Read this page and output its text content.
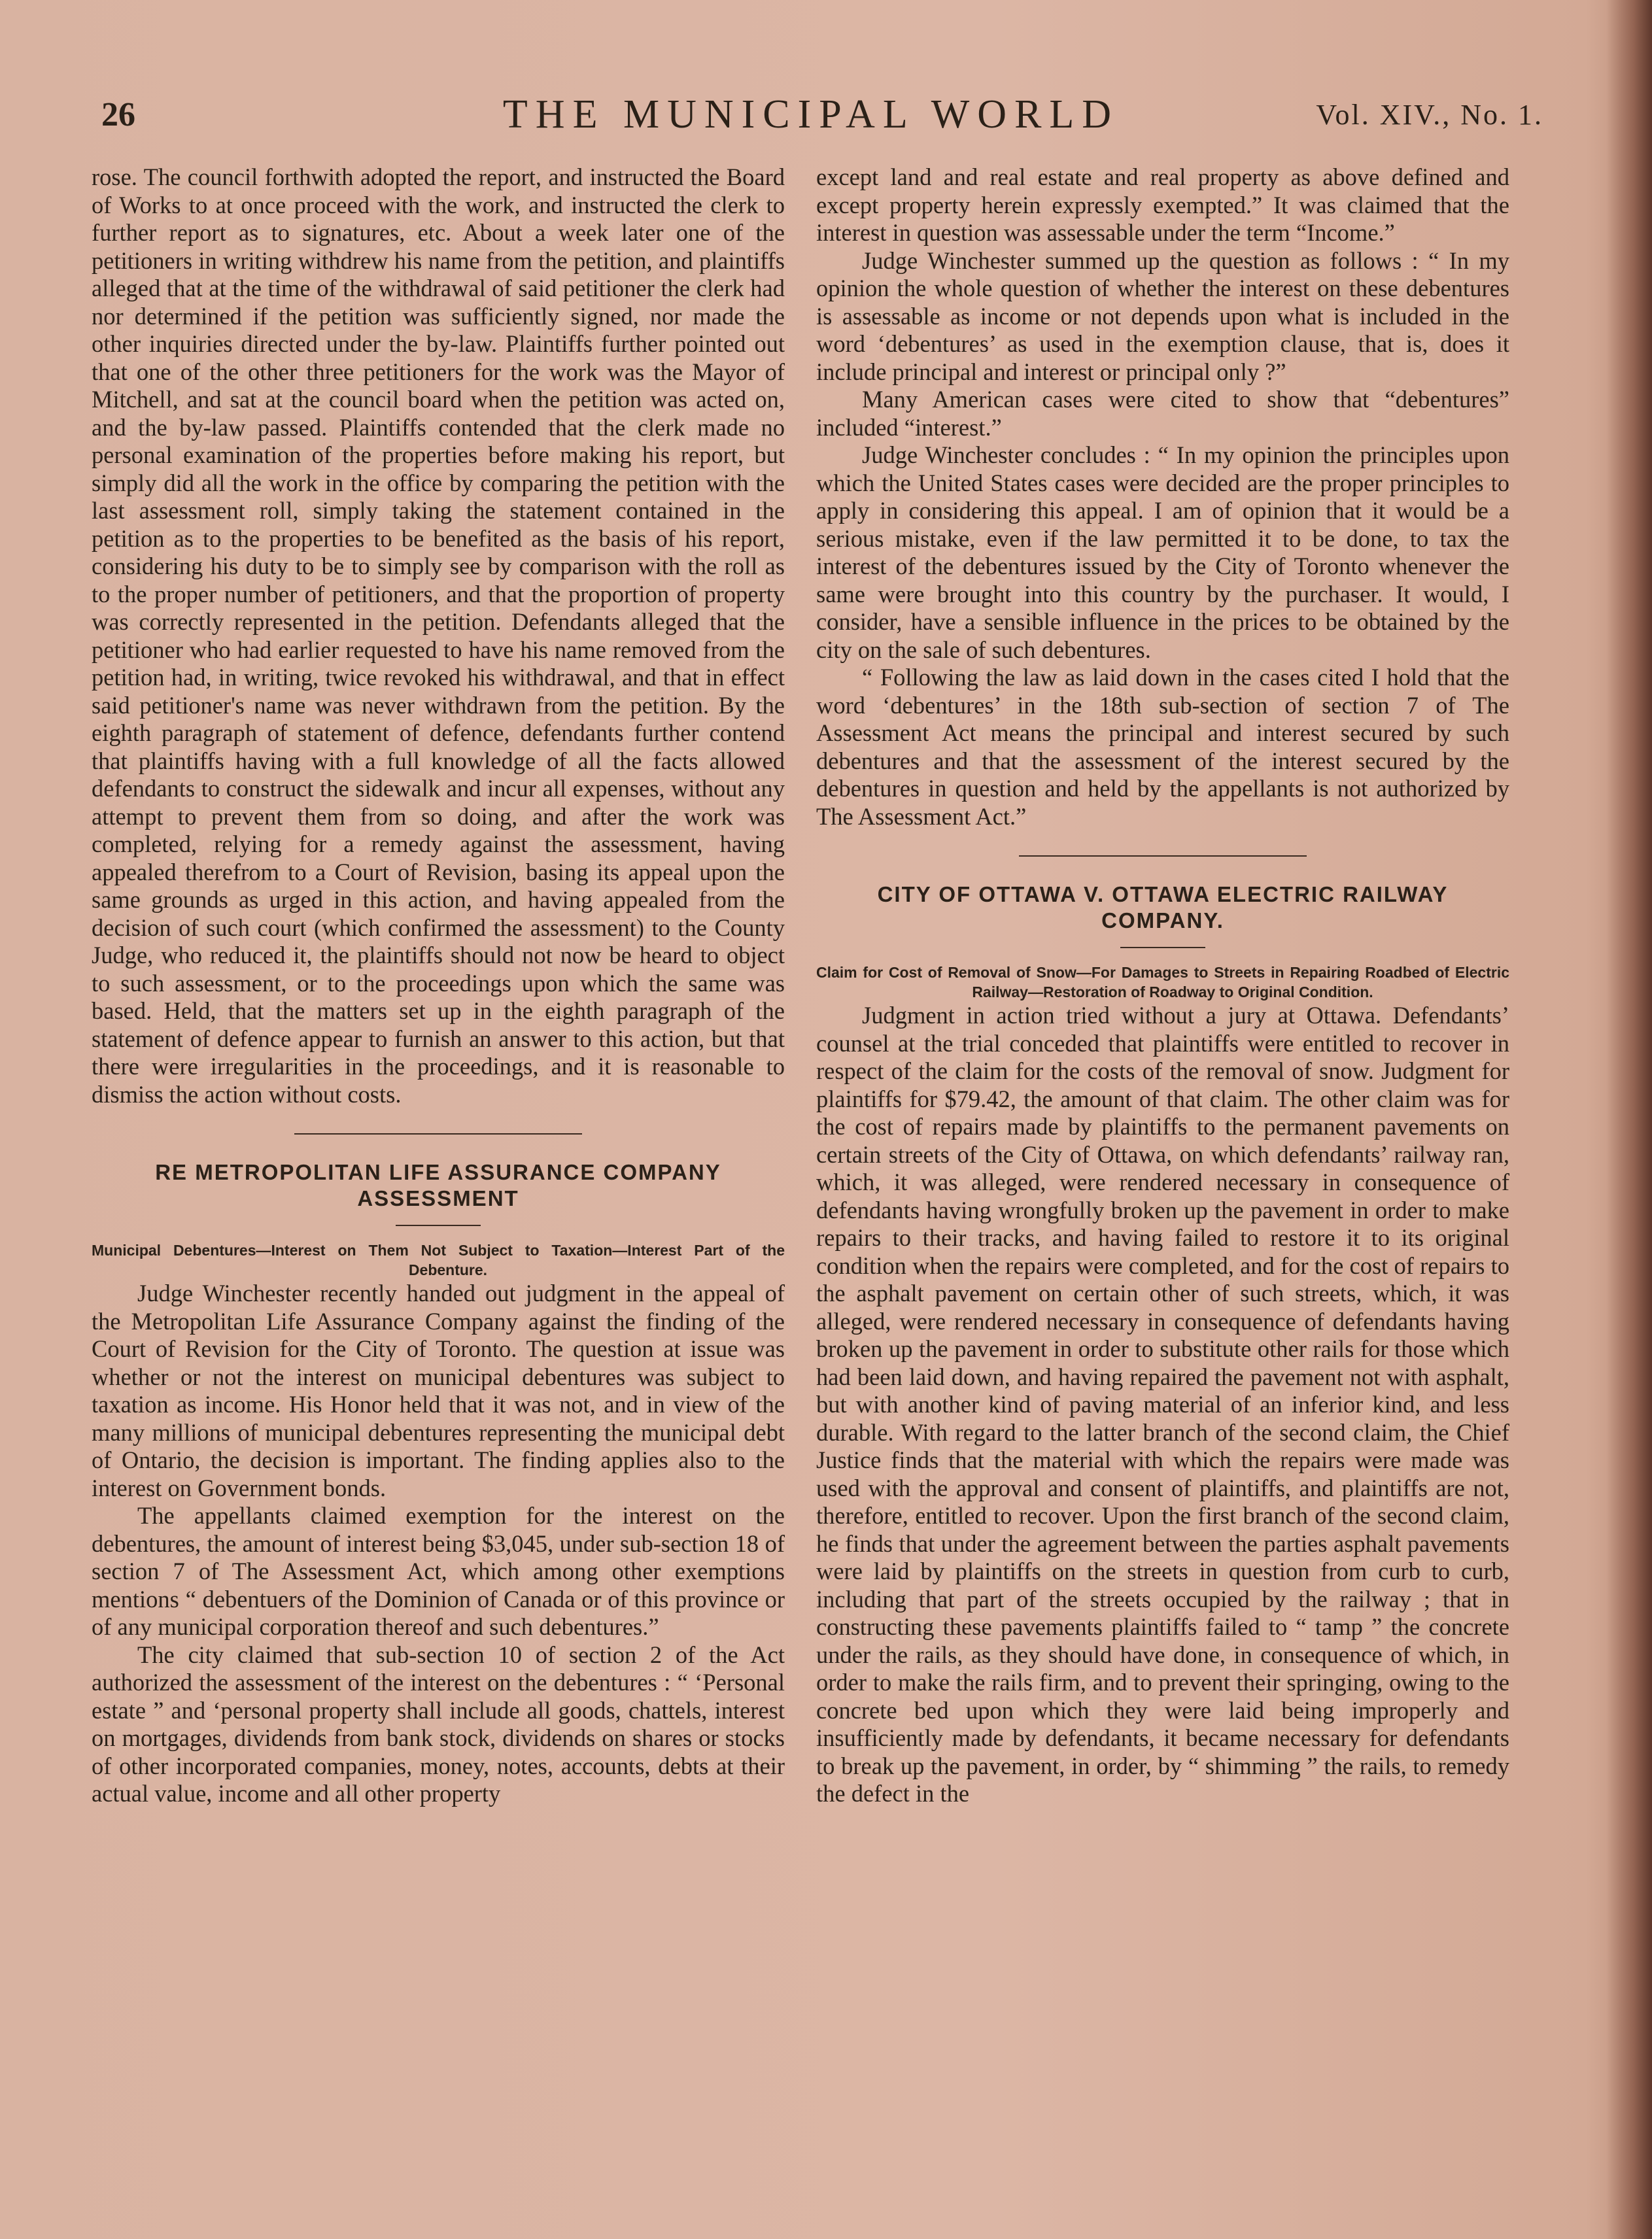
26	THE MUNICIPAL WORLD	Vol. XIV., No. 1.

rose. The council forthwith adopted the report, and instructed the Board of Works to at once proceed with the work, and instructed the clerk to further report as to signatures, etc. About a week later one of the petitioners in writing withdrew his name from the petition, and plaintiffs alleged that at the time of the withdrawal of said petitioner the clerk had nor determined if the petition was sufficiently signed, nor made the other inquiries directed under the by-law. Plaintiffs further pointed out that one of the other three petitioners for the work was the Mayor of Mitchell, and sat at the council board when the petition was acted on, and the by-law passed. Plaintiffs contended that the clerk made no personal examination of the properties before making his report, but simply did all the work in the office by comparing the petition with the last assessment roll, simply taking the statement contained in the petition as to the properties to be benefited as the basis of his report, considering his duty to be to simply see by comparison with the roll as to the proper number of petitioners, and that the proportion of property was correctly represented in the petition. Defendants alleged that the petitioner who had earlier requested to have his name removed from the petition had, in writing, twice revoked his withdrawal, and that in effect said petitioner's name was never withdrawn from the petition. By the eighth paragraph of statement of defence, defendants further contend that plaintiffs having with a full knowledge of all the facts allowed defendants to construct the sidewalk and incur all expenses, without any attempt to prevent them from so doing, and after the work was completed, relying for a remedy against the assessment, having appealed therefrom to a Court of Revision, basing its appeal upon the same grounds as urged in this action, and having appealed from the decision of such court (which confirmed the assessment) to the County Judge, who reduced it, the plaintiffs should not now be heard to object to such assessment, or to the proceedings upon which the same was based. Held, that the matters set up in the eighth paragraph of the statement of defence appear to furnish an answer to this action, but that there were irregularities in the proceedings, and it is reasonable to dismiss the action without costs.

RE METROPOLITAN LIFE ASSURANCE COMPANY ASSESSMENT

Municipal Debentures—Interest on Them Not Subject to Taxation—Interest Part of the Debenture.

Judge Winchester recently handed out judgment in the appeal of the Metropolitan Life Assurance Company against the finding of the Court of Revision for the City of Toronto. The question at issue was whether or not the interest on municipal debentures was subject to taxation as income. His Honor held that it was not, and in view of the many millions of municipal debentures representing the municipal debt of Ontario, the decision is important. The finding applies also to the interest on Government bonds.

The appellants claimed exemption for the interest on the debentures, the amount of interest being $3,045, under sub-section 18 of section 7 of The Assessment Act, which among other exemptions mentions “ debentuers of the Dominion of Canada or of this province or of any municipal corporation thereof and such debentures.”

The city claimed that sub-section 10 of section 2 of the Act authorized the assessment of the interest on the debentures : “ ‘Personal estate ” and ‘personal property shall include all goods, chattels, interest on mortgages, dividends from bank stock, dividends on shares or stocks of other incorporated companies, money, notes, accounts, debts at their actual value, income and all other property

except land and real estate and real property as above defined and except property herein expressly exempted.” It was claimed that the interest in question was assessable under the term “Income.”

Judge Winchester summed up the question as follows : “ In my opinion the whole question of whether the interest on these debentures is assessable as income or not depends upon what is included in the word ‘debentures’ as used in the exemption clause, that is, does it include principal and interest or principal only ?”

Many American cases were cited to show that “debentures” included “interest.”

Judge Winchester concludes : “ In my opinion the principles upon which the United States cases were decided are the proper principles to apply in considering this appeal. I am of opinion that it would be a serious mistake, even if the law permitted it to be done, to tax the interest of the debentures issued by the City of Toronto whenever the same were brought into this country by the purchaser. It would, I consider, have a sensible influence in the prices to be obtained by the city on the sale of such debentures.

“ Following the law as laid down in the cases cited I hold that the word ‘debentures’ in the 18th sub-section of section 7 of The Assessment Act means the principal and interest secured by such debentures and that the assessment of the interest secured by the debentures in question and held by the appellants is not authorized by The Assessment Act.”

CITY OF OTTAWA V. OTTAWA ELECTRIC RAILWAY COMPANY.

Claim for Cost of Removal of Snow—For Damages to Streets in Repairing Roadbed of Electric Railway—Restoration of Roadway to Original Condition.

Judgment in action tried without a jury at Ottawa. Defendants’ counsel at the trial conceded that plaintiffs were entitled to recover in respect of the claim for the costs of the removal of snow. Judgment for plaintiffs for $79.42, the amount of that claim. The other claim was for the cost of repairs made by plaintiffs to the permanent pavements on certain streets of the City of Ottawa, on which defendants’ railway ran, which, it was alleged, were rendered necessary in consequence of defendants having wrongfully broken up the pavement in order to make repairs to their tracks, and having failed to restore it to its original condition when the repairs were completed, and for the cost of repairs to the asphalt pavement on certain other of such streets, which, it was alleged, were rendered necessary in consequence of defendants having broken up the pavement in order to substitute other rails for those which had been laid down, and having repaired the pavement not with asphalt, but with another kind of paving material of an inferior kind, and less durable. With regard to the latter branch of the second claim, the Chief Justice finds that the material with which the repairs were made was used with the approval and consent of plaintiffs, and plaintiffs are not, therefore, entitled to recover. Upon the first branch of the second claim, he finds that under the agreement between the parties asphalt pavements were laid by plaintiffs on the streets in question from curb to curb, including that part of the streets occupied by the railway ; that in constructing these pavements plaintiffs failed to “ tamp ” the concrete under the rails, as they should have done, in consequence of which, in order to make the rails firm, and to prevent their springing, owing to the concrete bed upon which they were laid being improperly and insufficiently made by defendants, it became necessary for defendants to break up the pavement, in order, by “ shimming ” the rails, to remedy the defect in the
